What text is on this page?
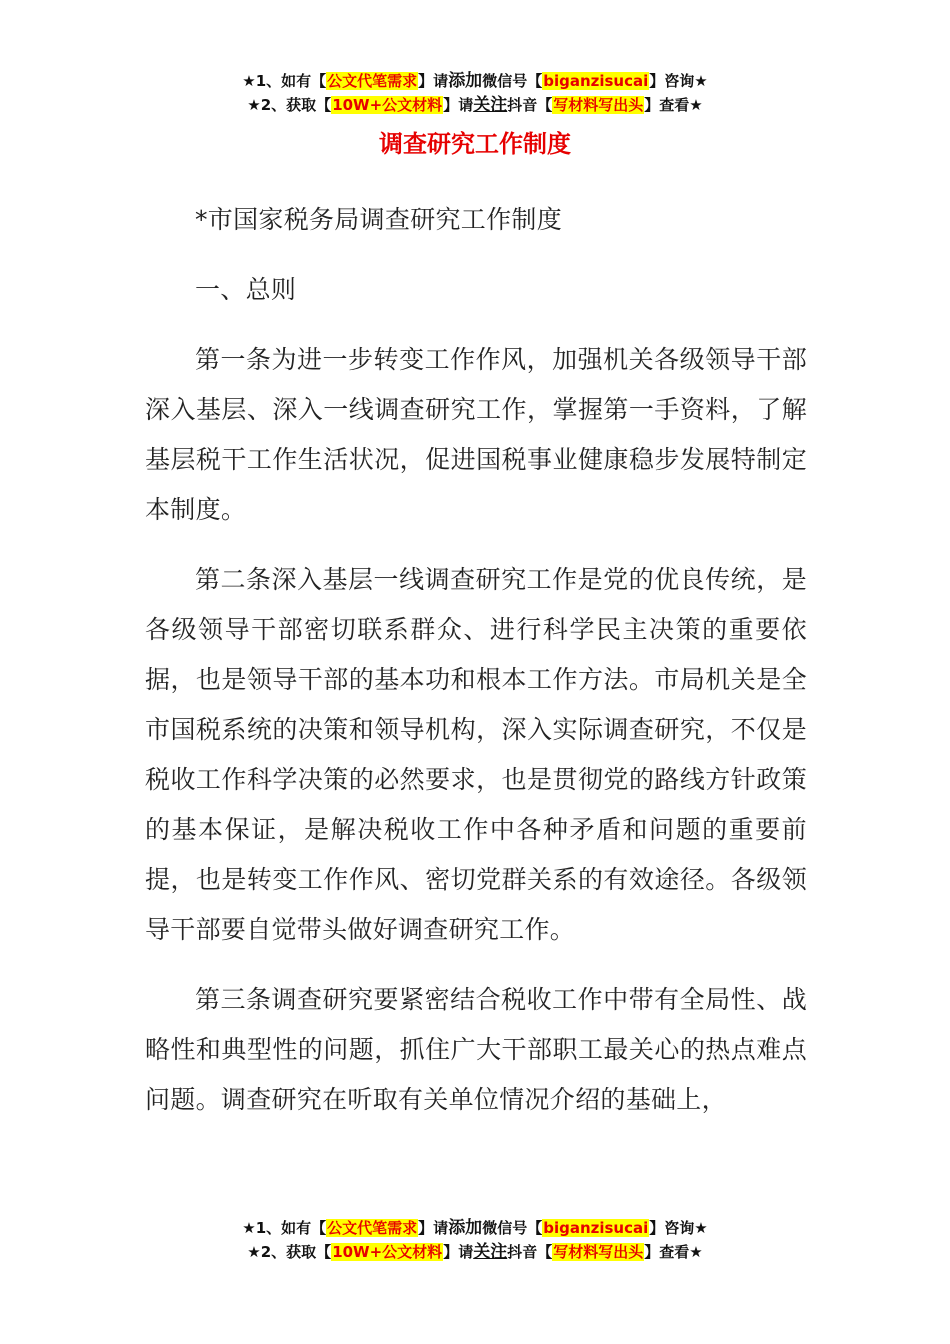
★1、如有【公文代笔需求】请添加微信号【biganzisucai】咨询★
★2、获取【10W+公文材料】请关注抖音【写材料写出头】查看★
调查研究工作制度

*市国家税务局调查研究工作制度

一、总则

第一条为进一步转变工作作风，加强机关各级领导干部深入基层、深入一线调查研究工作，掌握第一手资料，了解基层税干工作生活状况，促进国税事业健康稳步发展特制定本制度。

第二条深入基层一线调查研究工作是党的优良传统，是各级领导干部密切联系群众、进行科学民主决策的重要依据，也是领导干部的基本功和根本工作方法。市局机关是全市国税系统的决策和领导机构，深入实际调查研究，不仅是税收工作科学决策的必然要求，也是贯彻党的路线方针政策的基本保证，是解决税收工作中各种矛盾和问题的重要前提，也是转变工作作风、密切党群关系的有效途径。各级领导干部要自觉带头做好调查研究工作。

第三条调查研究要紧密结合税收工作中带有全局性、战略性和典型性的问题，抓住广大干部职工最关心的热点难点问题。调查研究在听取有关单位情况介绍的基础上，

★1、如有【公文代笔需求】请添加微信号【biganzisucai】咨询★
★2、获取【10W+公文材料】请关注抖音【写材料写出头】查看★
